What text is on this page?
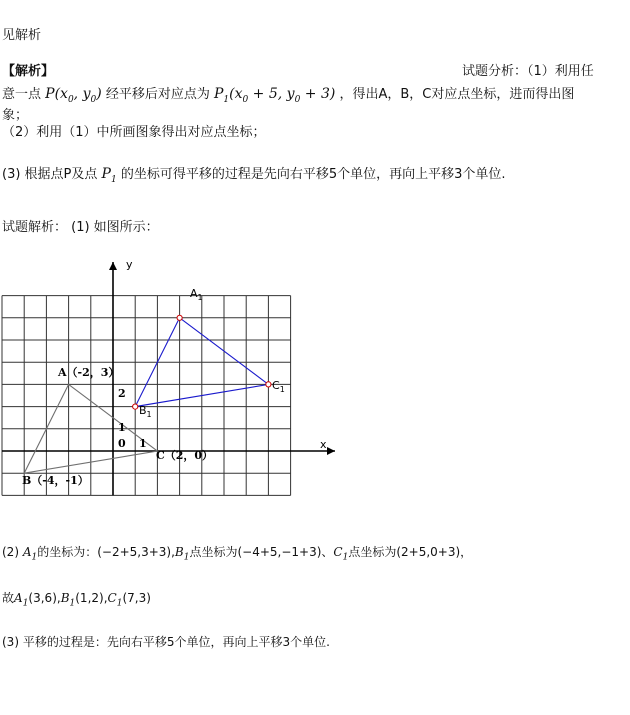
见解析
【解析】	试题分析：（1）利用任
意一点 $P(x_0$, $y_0$) 经平移后对应点为 $P_1(x_0 + 5$, $y_0 + 3$) ，得出A，B，C对应点坐标，进而得出图
象；
（2）利用（1）中所画图象得出对应点坐标；
(3) 根据点P及点 $P_1$ 的坐标可得平移的过程是先向右平移5个单位，再向上平移3个单位.
试题解析： (1) 如图所示：
y
x
0 1
1
2
A（-2，3）
B（-4，-1）
C（2，0）
$A_1$
$B_1$
$C_1$
(2) $A_1$的坐标为：$(-2+5,3+3),B_1$点坐标为(−4+5,−1+3)、$C_1$点坐标为(2+5,0+3)，
故$A_1(3,6),B_1(1,2),C_1(7,3)$
(3) 平移的过程是：先向右平移5个单位，再向上平移3个单位.
